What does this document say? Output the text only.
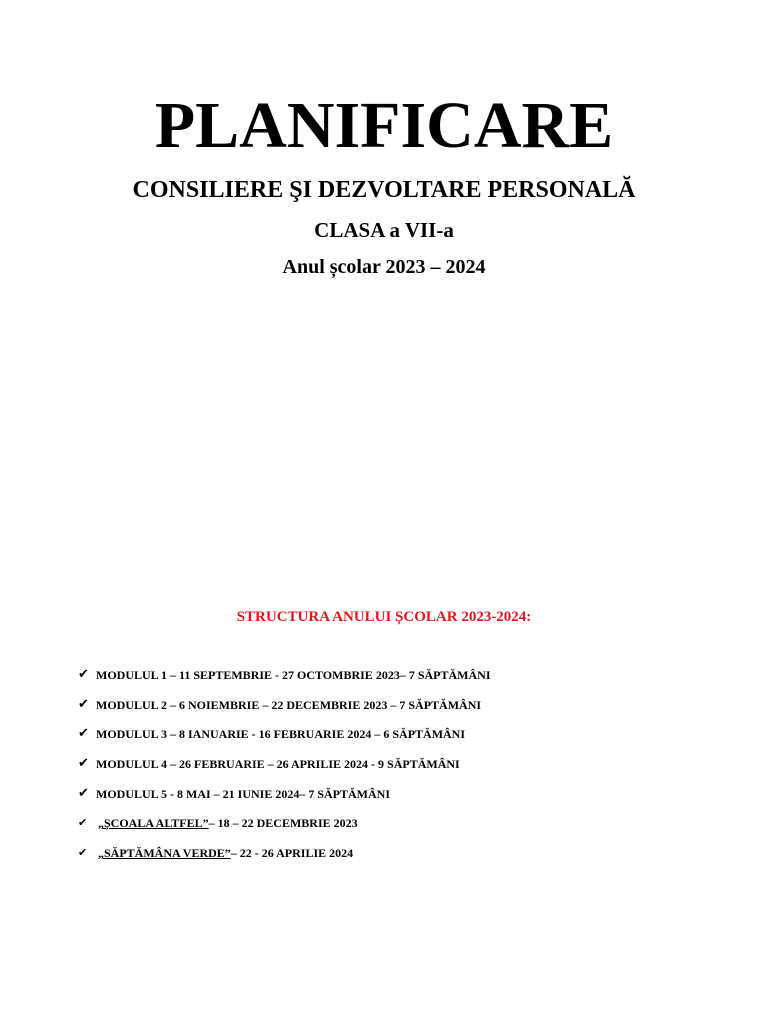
PLANIFICARE
CONSILIERE ŞI DEZVOLTARE PERSONALĂ
CLASA a VII-a
Anul școlar 2023 – 2024
STRUCTURA ANULUI ȘCOLAR 2023-2024:
✔ MODULUL 1 – 11 SEPTEMBRIE - 27 OCTOMBRIE 2023– 7 SĂPTĂMÂNI
✔ MODULUL 2 – 6 NOIEMBRIE – 22 DECEMBRIE 2023 – 7 SĂPTĂMÂNI
✔ MODULUL 3 – 8 IANUARIE - 16 FEBRUARIE 2024 – 6 SĂPTĂMÂNI
✔ MODULUL 4 – 26 FEBRUARIE – 26 APRILIE 2024 - 9 SĂPTĂMÂNI
✔ MODULUL 5 - 8 MAI – 21 IUNIE 2024– 7 SĂPTĂMÂNI
✔ „ȘCOALA ALTFEL” – 18 – 22 DECEMBRIE 2023
✔ „SĂPTĂMÂNA VERDE” – 22 - 26 APRILIE 2024
